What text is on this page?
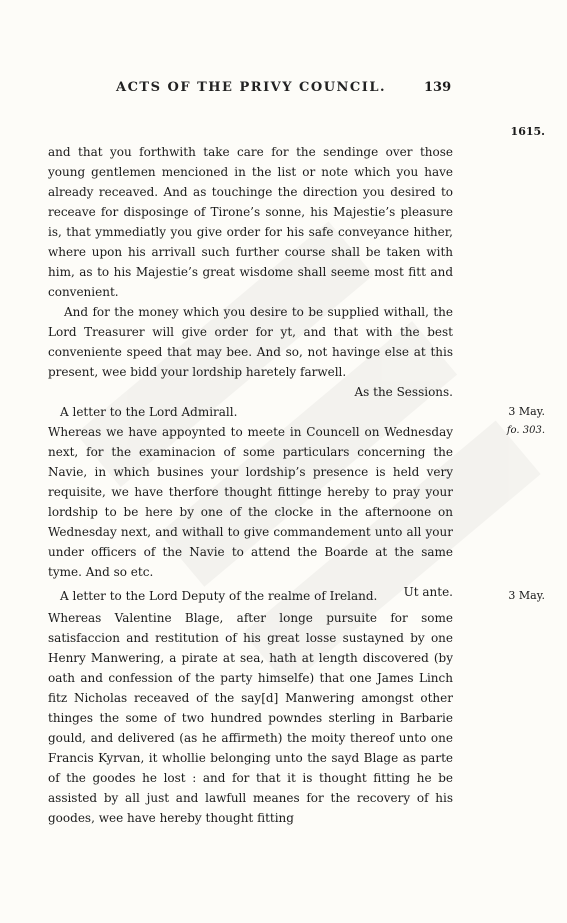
ACTS OF THE PRIVY COUNCIL.	139
1615.

and that you forthwith take care for the sendinge over those young gentlemen mencioned in the list or note which you have already receaved. And as touchinge the direction you desired to receave for disposinge of Tirone’s sonne, his Majestie’s pleasure is, that ymmediatly you give order for his safe conveyance hither, where upon his arrivall such further course shall be taken with him, as to his Majestie’s great wisdome shall seeme most fitt and convenient.

And for the money which you desire to be supplied withall, the Lord Treasurer will give order for yt, and that with the best conveniente speed that may bee. And so, not havinge else at this present, wee bidd your lordship haretely farwell.

As the Sessions.

A letter to the Lord Admirall.	3 May.
fo. 303.

Whereas we have appoynted to meete in Councell on Wednesday next, for the examinacion of some particulars concerning the Navie, in which busines your lordship’s presence is held very requisite, we have therfore thought fittinge hereby to pray your lordship to be here by one of the clocke in the afternoone on Wednesday next, and withall to give commandement unto all your under officers of the Navie to attend the Boarde at the same tyme. And so etc.

Ut ante.

A letter to the Lord Deputy of the realme of Ireland.	3 May.

Whereas Valentine Blage, after longe pursuite for some satisfaccion and restitution of his great losse sustayned by one Henry Manwering, a pirate at sea, hath at length discovered (by oath and confession of the party himselfe) that one James Linch fitz Nicholas receaved of the say[d] Manwering amongst other thinges the some of two hundred powndes sterling in Barbarie gould, and delivered (as he affirmeth) the moity thereof unto one Francis Kyrvan, it whollie belonging unto the sayd Blage as parte of the goodes he lost : and for that it is thought fitting he be assisted by all just and lawfull meanes for the recovery of his goodes, wee have hereby thought fitting
